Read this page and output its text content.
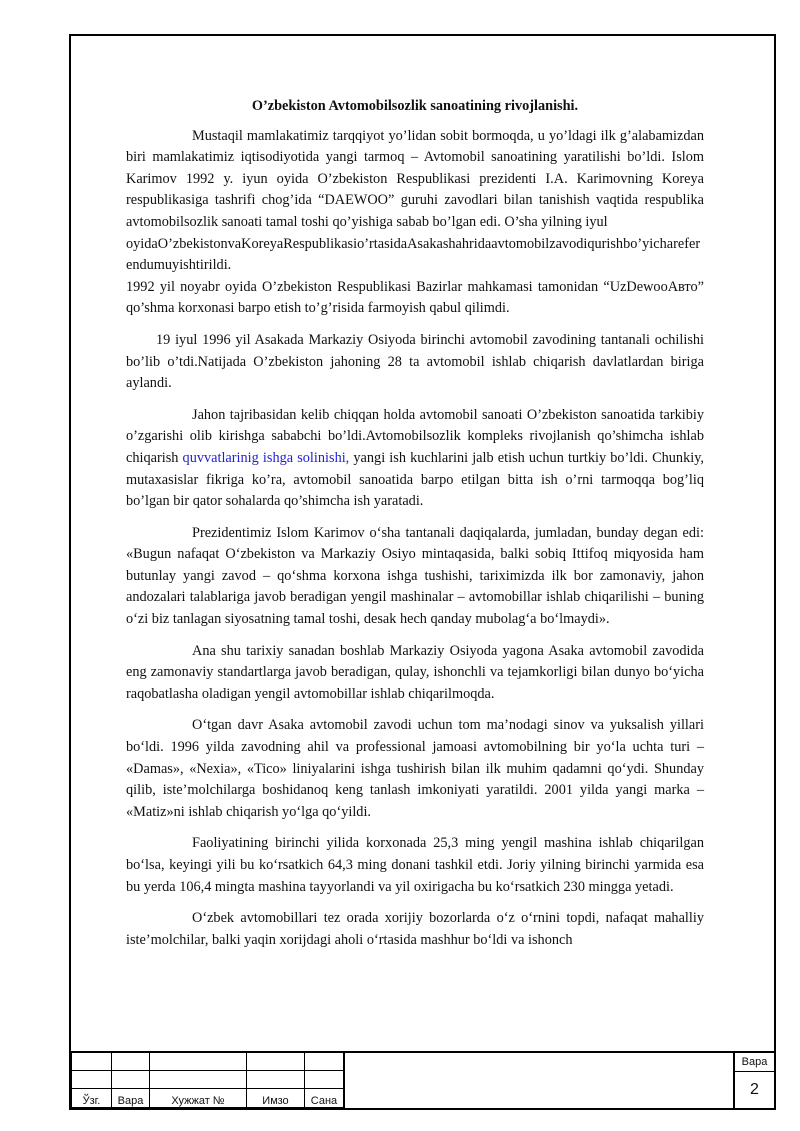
O’zbekiston Avtomobilsozlik sanoatining rivojlanishi.

Mustaqil mamlakatimiz tarqqiyot yo’lidan sobit bormoqda, u yo’ldagi ilk g’alabamizdan biri mamlakatimiz iqtisodiyotida yangi tarmoq – Avtomobil sanoatining yaratilishi bo’ldi. Islom Karimov 1992 y. iyun oyida O’zbekiston Respublikasi prezidenti I.A. Karimovning Koreya respublikasiga tashrifi chog’ida “DAEWOO” guruhi zavodlari bilan tanishish vaqtida respublika avtomobilsozlik sanoati tamal toshi qo’yishiga sabab bo’lgan edi. O’sha yilning iyul

oyidaO’zbekistonvaKoreyaRespublikasio’rtasidaAsakashahridaavtomobilzavodiqurishbo’yichareferendumuyishtirildi.

1992 yil noyabr oyida O’zbekiston Respublikasi Bazirlar mahkamasi tamonidan “UzDewooАвто” qo’shma korxonasi barpo etish to’g’risida farmoyish qabul qilimdi.

19 iyul 1996 yil Asakada Markaziy Osiyoda birinchi avtomobil zavodining tantanali ochilishi bo’lib o’tdi.Natijada O’zbekiston jahoning 28 ta avtomobil ishlab chiqarish davlatlardan biriga aylandi.

Jahon tajribasidan kelib chiqqan holda avtomobil sanoati O’zbekiston sanoatida tarkibiy o’zgarishi olib kirishga sababchi bo’ldi.Avtomobilsozlik kompleks rivojlanish qo’shimcha ishlab chiqarish quvvatlarinig ishga solinishi, yangi ish kuchlarini jalb etish uchun turtkiy bo’ldi. Chunkiy, mutaxasislar fikriga ko’ra, avtomobil sanoatida barpo etilgan bitta ish o’rni tarmoqqa bog’liq bo’lgan bir qator sohalarda qo’shimcha ish yaratadi.

Prezidentimiz Islom Karimov o‘sha tantanali daqiqalarda, jumladan, bunday degan edi: «Bugun nafaqat O‘zbekiston va Markaziy Osiyo mintaqasida, balki sobiq Ittifoq miqyosida ham butunlay yangi zavod – qo‘shma korxona ishga tushishi, tariximizda ilk bor zamonaviy, jahon andozalari talablariga javob beradigan yengil mashinalar – avtomobillar ishlab chiqarilishi – buning o‘zi biz tanlagan siyosatning tamal toshi, desak hech qanday mubolag‘a bo‘lmaydi».

Ana shu tarixiy sanadan boshlab Markaziy Osiyoda yagona Asaka avtomobil zavodida eng zamonaviy standartlarga javob beradigan, qulay, ishonchli va tejamkorligi bilan dunyo bo‘yicha raqobatlasha oladigan yengil avtomobillar ishlab chiqarilmoqda.

O‘tgan davr Asaka avtomobil zavodi uchun tom ma’nodagi sinov va yuksalish yillari bo‘ldi. 1996 yilda zavodning ahil va professional jamoasi avtomobilning bir yo‘la uchta turi – «Damas», «Nexia», «Tico» liniyalarini ishga tushirish bilan ilk muhim qadamni qo‘ydi. Shunday qilib, iste’molchilarga boshidanoq keng tanlash imkoniyati yaratildi. 2001 yilda yangi marka – «Matiz»ni ishlab chiqarish yo‘lga qo‘yildi.

Faoliyatining birinchi yilida korxonada 25,3 ming yengil mashina ishlab chiqarilgan bo‘lsa, keyingi yili bu ko‘rsatkich 64,3 ming donani tashkil etdi. Joriy yilning birinchi yarmida esa bu yerda 106,4 mingta mashina tayyorlandi va yil oxirigacha bu ko‘rsatkich 230 mingga yetadi.

O‘zbek avtomobillari tez orada xorijiy bozorlarda o‘z o‘rnini topdi, nafaqat mahalliy iste’molchilar, balki yaqin xorijdagi aholi o‘rtasida mashhur bo‘ldi va ishonch

Ўзг.	Вара	Хужжат №	Имзо	Сана
Вара
2
